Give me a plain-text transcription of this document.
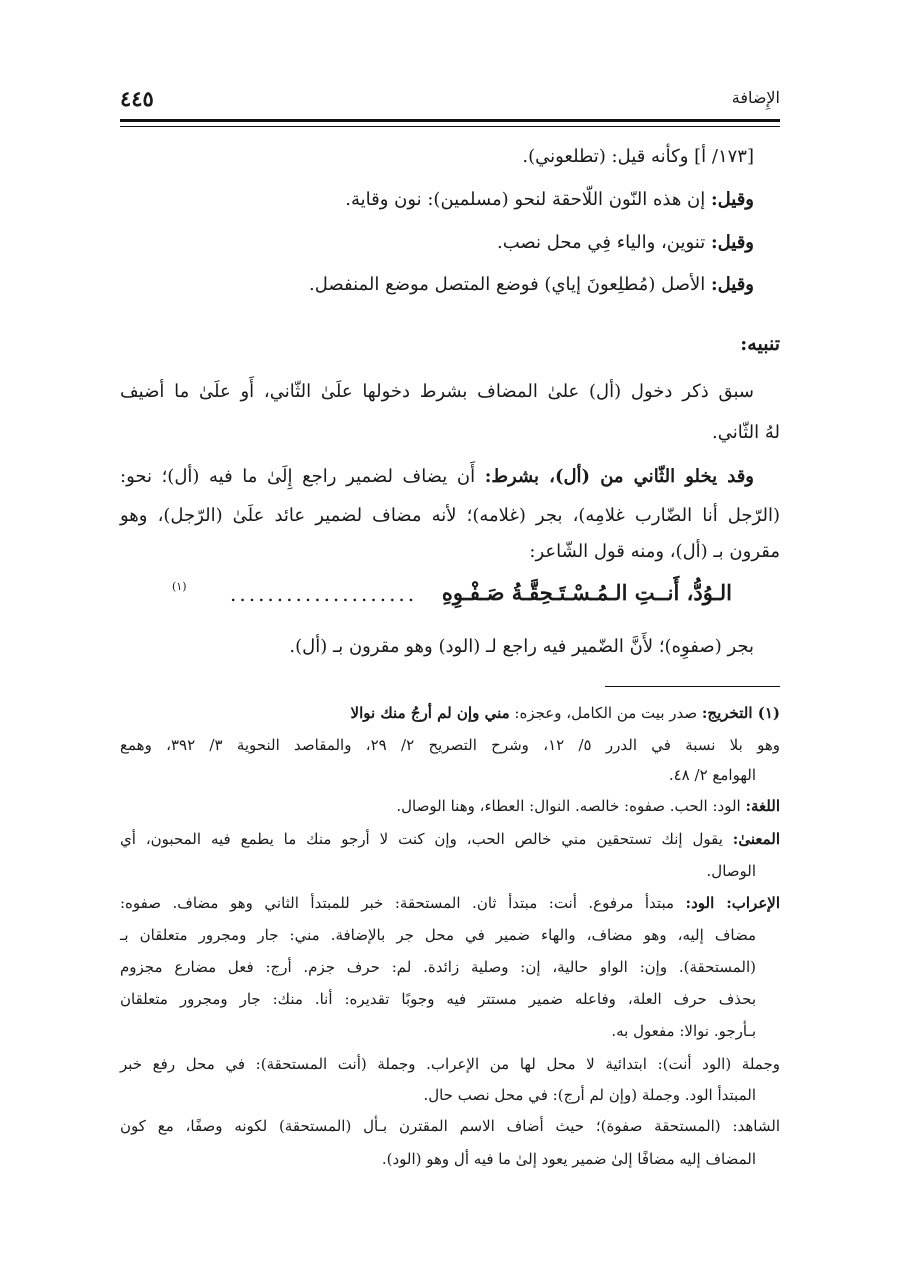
الإِضافة
٤٤٥
[١٧٣/ أ] وكأنه قيل: (تطلعوني).
وقيل: إن هذه النّون اللّاحقة لنحو (مسلمين): نون وقاية.
وقيل: تنوين، والياء فِي محل نصب.
وقيل: الأصل (مُطلِعونَ إياي) فوضع المتصل موضع المنفصل.
تنبيه:
سبق ذكر دخول (أل) علىٰ المضاف بشرط دخولها علَىٰ الثّاني، أَو علَىٰ ما أضيف
لهُ الثّاني.
وقد يخلو الثّاني من (أل)، بشرط: أَن يضاف لضمير راجع إِلَىٰ ما فيه (أل)؛ نحو:
(الرّجل أنا الضّارب غلامِه)، بجر (غلامه)؛ لأنه مضاف لضمير عائد علَىٰ (الرّجل)، وهو
مقرون بـ (أل)، ومنه قول الشّاعر:
الـوُدُّ، أَنــتِ الـمُـسْـتَـحِقَّـةُ صَـفْـوِهِ
....................
(١)
بجر (صفوِه)؛ لأَنَّ الضّمير فيه راجع لـ (الود) وهو مقرون بـ (أل).
(١) التخريج: صدر بيت من الكامل، وعجزه: مني وإن لم أرجُ منك نوالا
وهو بلا نسبة في الدرر ٥/ ١٢، وشرح التصريح ٢/ ٢٩، والمقاصد النحوية ٣/ ٣٩٢، وهمع
الهوامع ٢/ ٤٨.
اللغة: الود: الحب. صفوه: خالصه. النوال: العطاء، وهنا الوصال.
المعنىٰ: يقول إنك تستحقين مني خالص الحب، وإن كنت لا أرجو منك ما يطمع فيه المحبون، أي
الوصال.
الإعراب: الود: مبتدأ مرفوع. أنت: مبتدأ ثان. المستحقة: خبر للمبتدأ الثاني وهو مضاف. صفوه:
مضاف إليه، وهو مضاف، والهاء ضمير في محل جر بالإضافة. مني: جار ومجرور متعلقان بـ
(المستحقة). وإن: الواو حالية، إن: وصلية زائدة. لم: حرف جزم. أرج: فعل مضارع مجزوم
بحذف حرف العلة، وفاعله ضمير مستتر فيه وجوبًا تقديره: أنا. منك: جار ومجرور متعلقان
بـأرجو. نوالا: مفعول به.
وجملة (الود أنت): ابتدائية لا محل لها من الإعراب. وجملة (أنت المستحقة): في محل رفع خبر
المبتدأ الود. وجملة (وإن لم أرج): في محل نصب حال.
الشاهد: (المستحقة صفوة)؛ حيث أضاف الاسم المقترن بـأل (المستحقة) لكونه وصفًا، مع كون
المضاف إليه مضافًا إلىٰ ضمير يعود إلىٰ ما فيه أل وهو (الود).
